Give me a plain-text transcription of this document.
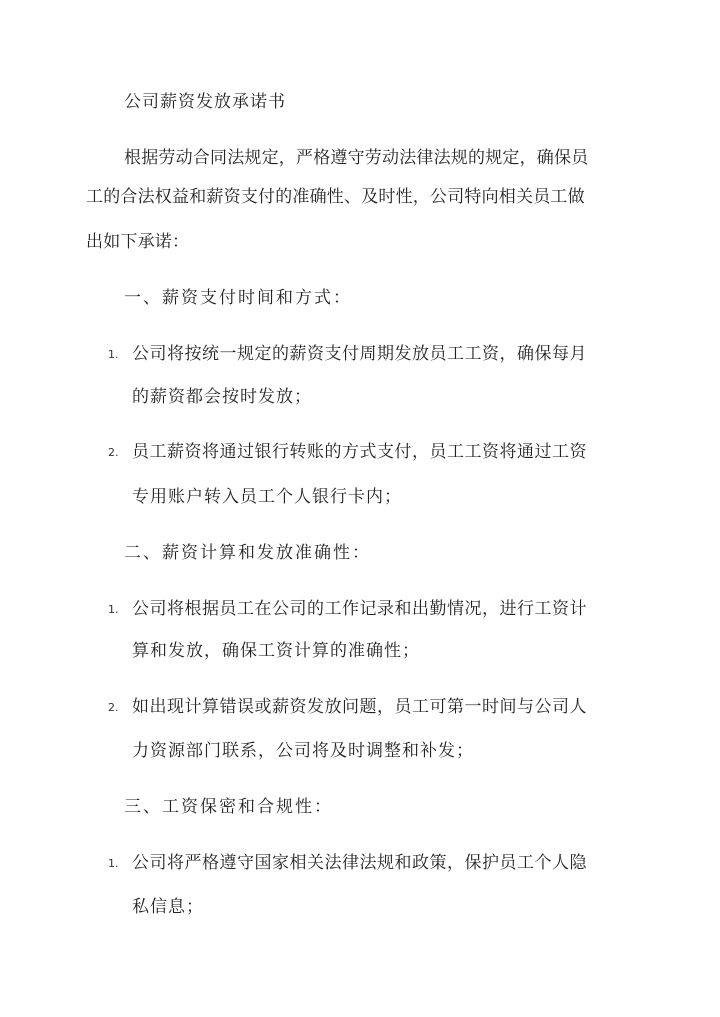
公司薪资发放承诺书
根据劳动合同法规定，严格遵守劳动法律法规的规定，确保员
工的合法权益和薪资支付的准确性、及时性，公司特向相关员工做
出如下承诺：
一、薪资支付时间和方式：
1. 公司将按统一规定的薪资支付周期发放员工工资，确保每月
的薪资都会按时发放；
2. 员工薪资将通过银行转账的方式支付，员工工资将通过工资
专用账户转入员工个人银行卡内；
二、薪资计算和发放准确性：
1. 公司将根据员工在公司的工作记录和出勤情况，进行工资计
算和发放，确保工资计算的准确性；
2. 如出现计算错误或薪资发放问题，员工可第一时间与公司人
力资源部门联系，公司将及时调整和补发；
三、工资保密和合规性：
1. 公司将严格遵守国家相关法律法规和政策，保护员工个人隐
私信息；
